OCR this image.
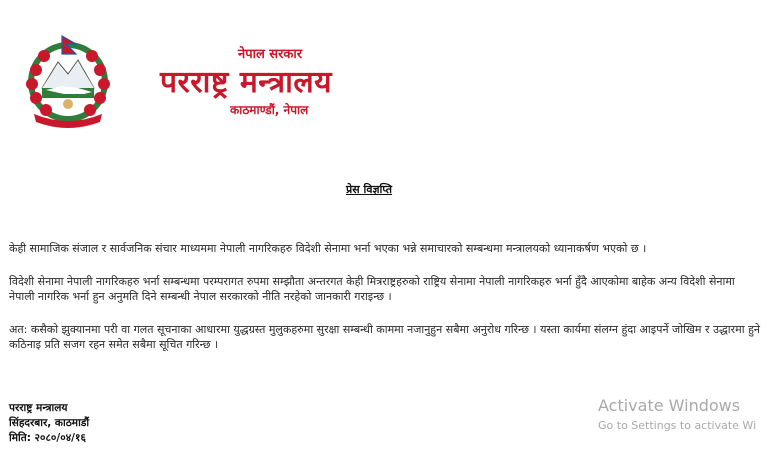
नेपाल सरकार
परराष्ट्र मन्त्रालय
काठमाण्डौं, नेपाल
प्रेस विज्ञप्ति
केही सामाजिक संजाल र सार्वजनिक संचार माध्यममा नेपाली नागरिकहरु विदेशी सेनामा भर्ना भएका भन्ने समाचारको सम्बन्धमा मन्त्रालयको ध्यानाकर्षण भएको छ ।
विदेशी सेनामा नेपाली नागरिकहरु भर्ना सम्बन्धमा परम्परागत रुपमा सम्झौता अन्तरगत केही मित्रराष्ट्रहरुको राष्ट्रिय सेनामा नेपाली नागरिकहरु भर्ना हुँदै आएकोमा बाहेक अन्य विदेशी सेनामा नेपाली नागरिक भर्ना हुन अनुमति दिने सम्बन्धी नेपाल सरकारको नीति नरहेको जानकारी गराइन्छ ।
अत: कसैको झुक्यानमा परी वा गलत सूचनाका आधारमा युद्धग्रस्त मुलुकहरुमा सुरक्षा सम्बन्धी काममा नजानुहुन सबैमा अनुरोध गरिन्छ । यस्ता कार्यमा संलग्न हुंदा आइपर्ने जोखिम र उद्धारमा हुने कठिनाइ प्रति सजग रहन समेत सबैमा सूचित गरिन्छ ।
परराष्ट्र मन्त्रालय
सिंहदरबार, काठमाडौं
मिति: २०८०/०४/१६
Activate Windows
Go to Settings to activate Wi
